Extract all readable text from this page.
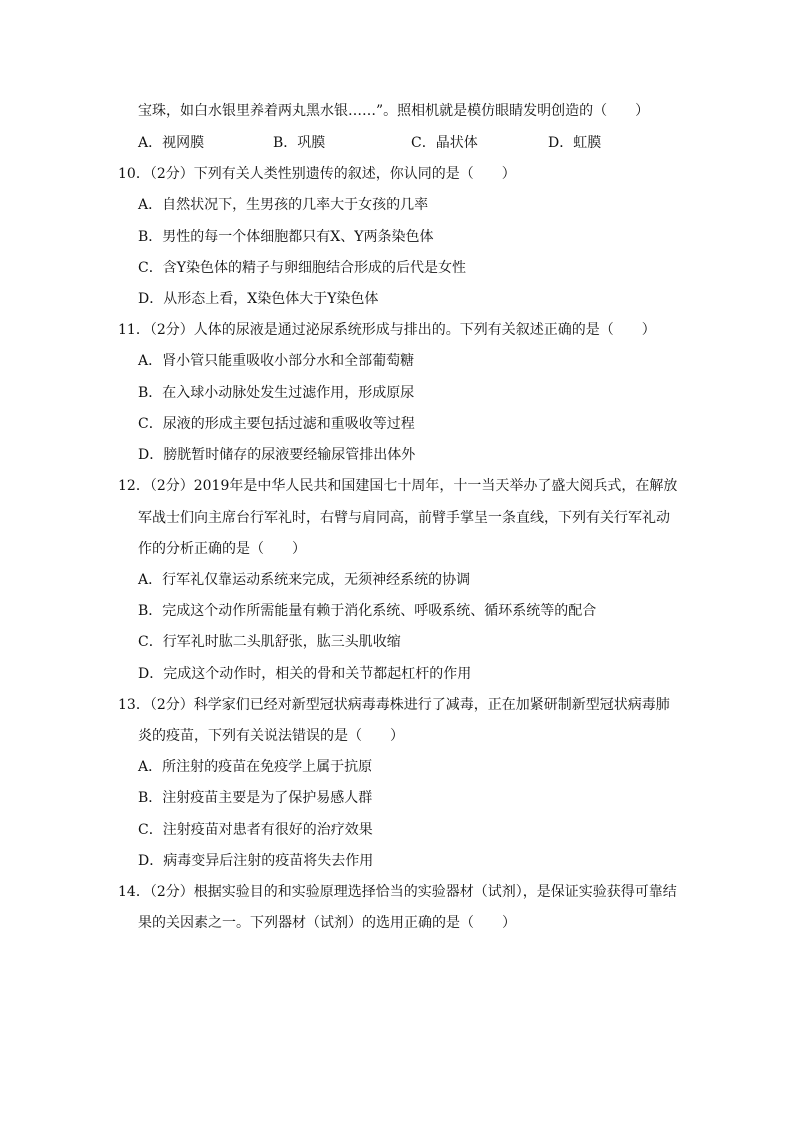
宝珠，如白水银里养着两丸黑水银……”。照相机就是模仿眼睛发明创造的（　　）
A．视网膜	B．巩膜	C．晶状体	D．虹膜
10．（2分）下列有关人类性别遗传的叙述，你认同的是（　　）
A．自然状况下，生男孩的几率大于女孩的几率
B．男性的每一个体细胞都只有X、Y两条染色体
C．含Y染色体的精子与卵细胞结合形成的后代是女性
D．从形态上看，X染色体大于Y染色体
11．（2分）人体的尿液是通过泌尿系统形成与排出的。下列有关叙述正确的是（　　）
A．肾小管只能重吸收小部分水和全部葡萄糖
B．在入球小动脉处发生过滤作用，形成原尿
C．尿液的形成主要包括过滤和重吸收等过程
D．膀胱暂时储存的尿液要经输尿管排出体外
12．（2分）2019年是中华人民共和国建国七十周年，十一当天举办了盛大阅兵式，在解放
军战士们向主席台行军礼时，右臂与肩同高，前臂手掌呈一条直线，下列有关行军礼动
作的分析正确的是（　　）
A．行军礼仅靠运动系统来完成，无须神经系统的协调
B．完成这个动作所需能量有赖于消化系统、呼吸系统、循环系统等的配合
C．行军礼时肱二头肌舒张，肱三头肌收缩
D．完成这个动作时，相关的骨和关节都起杠杆的作用
13．（2分）科学家们已经对新型冠状病毒毒株进行了减毒，正在加紧研制新型冠状病毒肺
炎的疫苗，下列有关说法错误的是（　　）
A．所注射的疫苗在免疫学上属于抗原
B．注射疫苗主要是为了保护易感人群
C．注射疫苗对患者有很好的治疗效果
D．病毒变异后注射的疫苗将失去作用
14．（2分）根据实验目的和实验原理选择恰当的实验器材（试剂），是保证实验获得可靠结
果的关因素之一。下列器材（试剂）的选用正确的是（　　）
